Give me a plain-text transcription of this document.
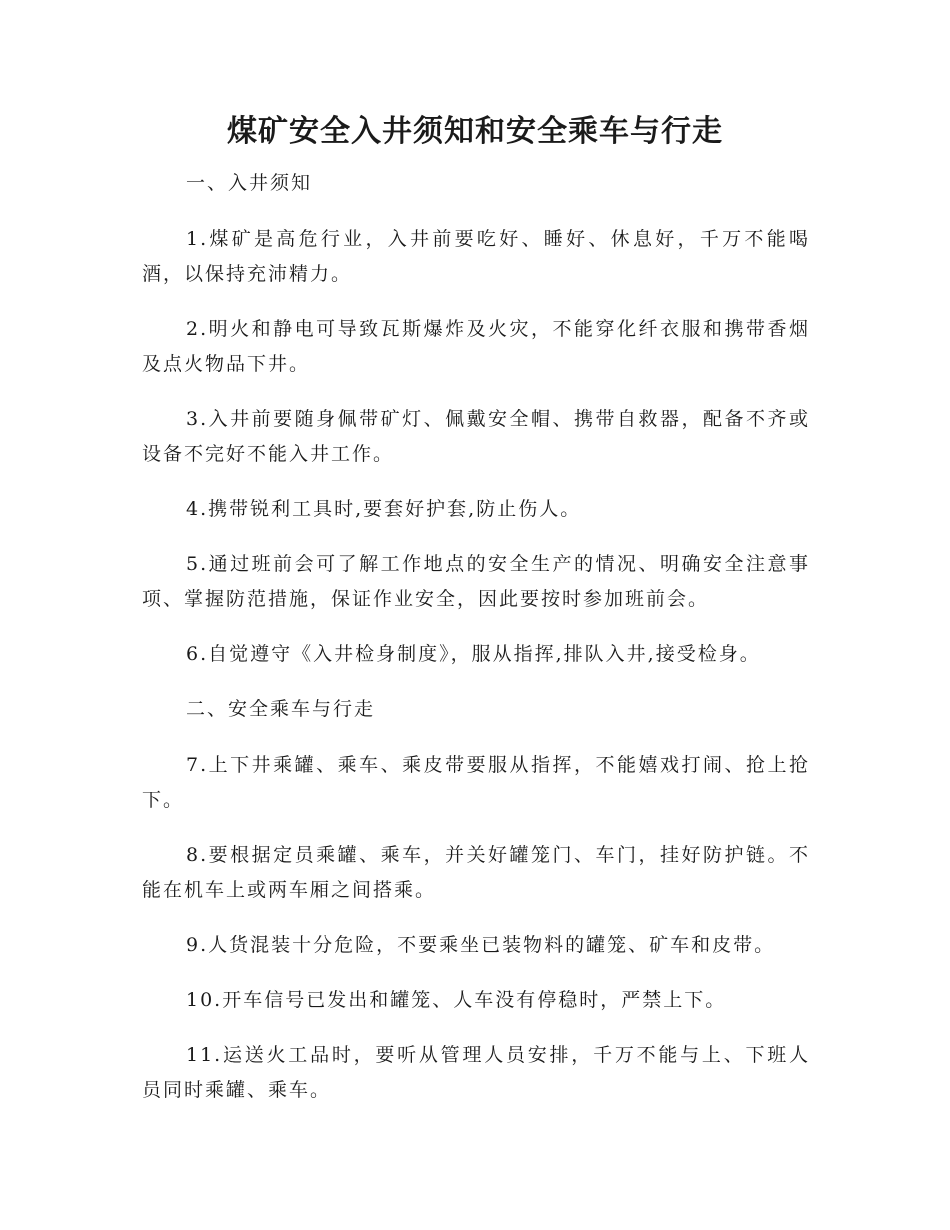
煤矿安全入井须知和安全乘车与行走

一、入井须知

1.煤矿是高危行业，入井前要吃好、睡好、休息好，千万不能喝酒，以保持充沛精力。

2.明火和静电可导致瓦斯爆炸及火灾，不能穿化纤衣服和携带香烟及点火物品下井。

3.入井前要随身佩带矿灯、佩戴安全帽、携带自救器，配备不齐或设备不完好不能入井工作。

4.携带锐利工具时,要套好护套,防止伤人。

5.通过班前会可了解工作地点的安全生产的情况、明确安全注意事项、掌握防范措施，保证作业安全，因此要按时参加班前会。

6.自觉遵守《入井检身制度》，服从指挥,排队入井,接受检身。

二、安全乘车与行走

7.上下井乘罐、乘车、乘皮带要服从指挥，不能嬉戏打闹、抢上抢下。

8.要根据定员乘罐、乘车，并关好罐笼门、车门，挂好防护链。不能在机车上或两车厢之间搭乘。

9.人货混装十分危险，不要乘坐已装物料的罐笼、矿车和皮带。

10.开车信号已发出和罐笼、人车没有停稳时，严禁上下。

11.运送火工品时，要听从管理人员安排，千万不能与上、下班人员同时乘罐、乘车。
